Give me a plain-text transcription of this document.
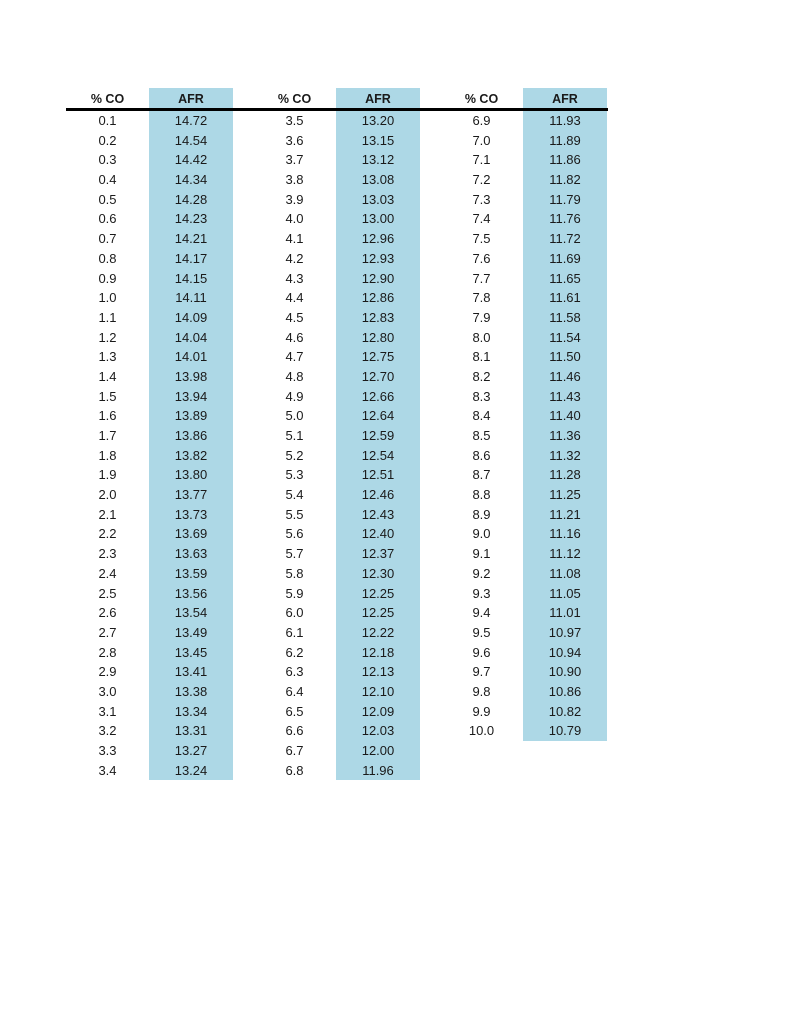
% CO
0.1
0.2
0.3
0.4
0.5
0.6
0.7
0.8
0.9
1.0
1.1
1.2
1.3
1.4
1.5
1.6
1.7
1.8
1.9
2.0
2.1
2.2
2.3
2.4
2.5
2.6
2.7
2.8
2.9
3.0
3.1
3.2
3.3
3.4
AFR
14.72
14.54
14.42
14.34
14.28
14.23
14.21
14.17
14.15
14.11
14.09
14.04
14.01
13.98
13.94
13.89
13.86
13.82
13.80
13.77
13.73
13.69
13.63
13.59
13.56
13.54
13.49
13.45
13.41
13.38
13.34
13.31
13.27
13.24
% CO
3.5
3.6
3.7
3.8
3.9
4.0
4.1
4.2
4.3
4.4
4.5
4.6
4.7
4.8
4.9
5.0
5.1
5.2
5.3
5.4
5.5
5.6
5.7
5.8
5.9
6.0
6.1
6.2
6.3
6.4
6.5
6.6
6.7
6.8
AFR
13.20
13.15
13.12
13.08
13.03
13.00
12.96
12.93
12.90
12.86
12.83
12.80
12.75
12.70
12.66
12.64
12.59
12.54
12.51
12.46
12.43
12.40
12.37
12.30
12.25
12.25
12.22
12.18
12.13
12.10
12.09
12.03
12.00
11.96
% CO
6.9
7.0
7.1
7.2
7.3
7.4
7.5
7.6
7.7
7.8
7.9
8.0
8.1
8.2
8.3
8.4
8.5
8.6
8.7
8.8
8.9
9.0
9.1
9.2
9.3
9.4
9.5
9.6
9.7
9.8
9.9
10.0
AFR
11.93
11.89
11.86
11.82
11.79
11.76
11.72
11.69
11.65
11.61
11.58
11.54
11.50
11.46
11.43
11.40
11.36
11.32
11.28
11.25
11.21
11.16
11.12
11.08
11.05
11.01
10.97
10.94
10.90
10.86
10.82
10.79
